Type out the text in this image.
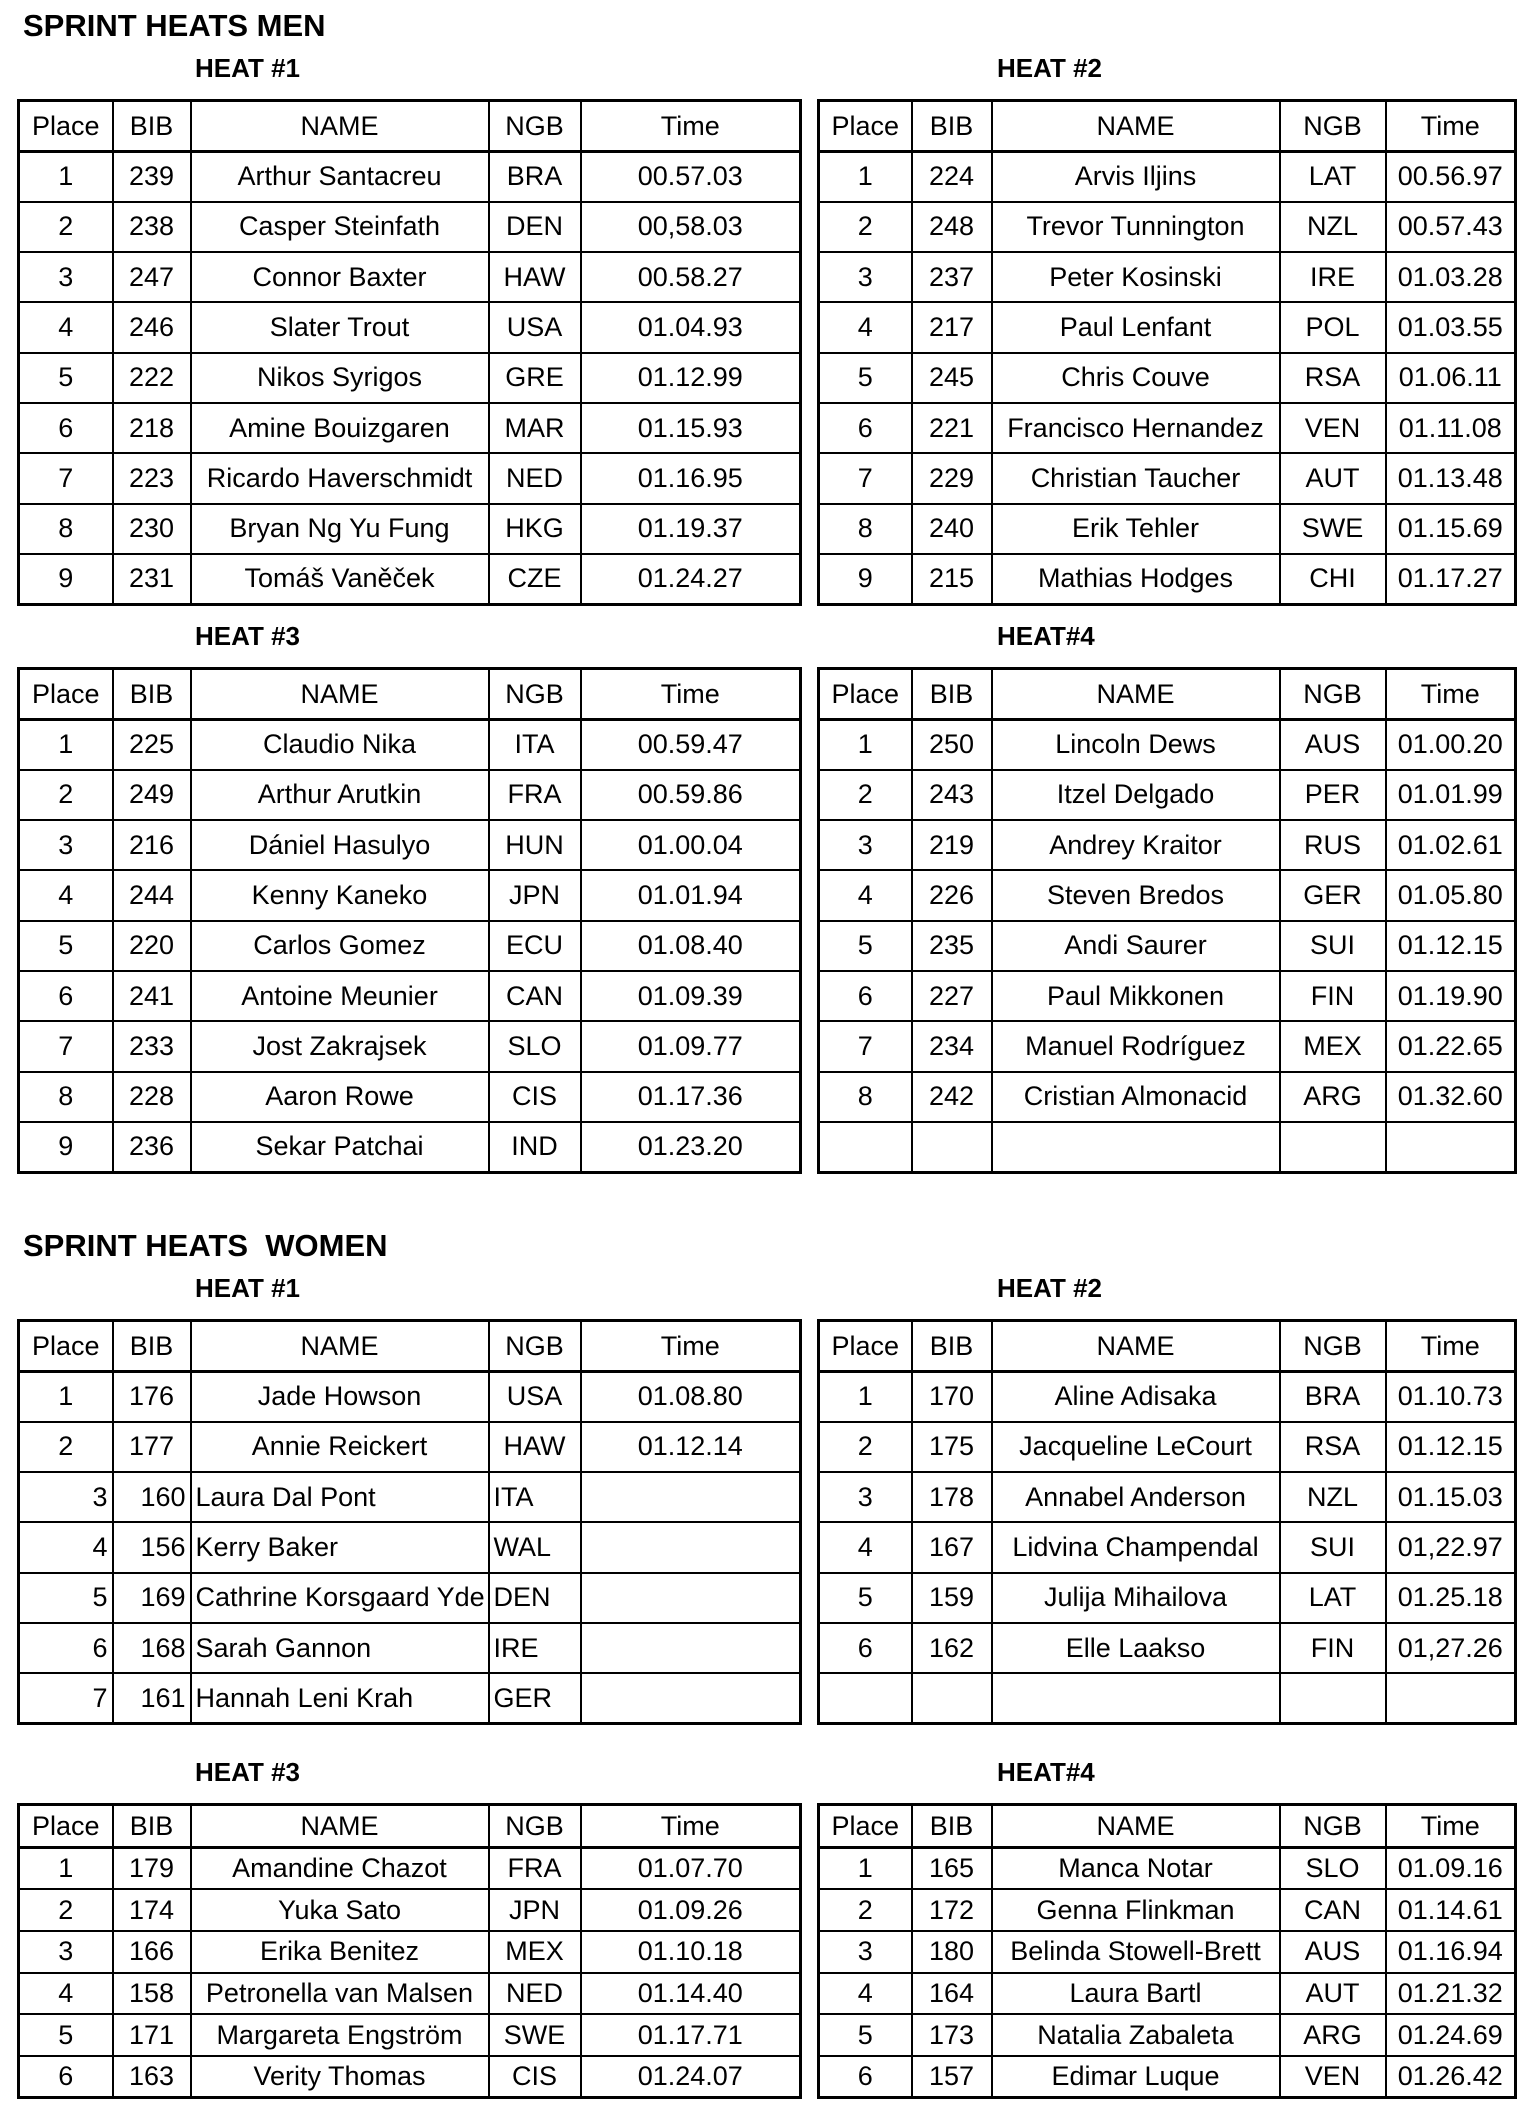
SPRINT HEATS MEN
HEAT #1
Place	BIB	NAME	NGB	Time
1	239	Arthur Santacreu	BRA	00.57.03
2	238	Casper Steinfath	DEN	00,58.03
3	247	Connor Baxter	HAW	00.58.27
4	246	Slater Trout	USA	01.04.93
5	222	Nikos Syrigos	GRE	01.12.99
6	218	Amine Bouizgaren	MAR	01.15.93
7	223	Ricardo Haverschmidt	NED	01.16.95
8	230	Bryan Ng Yu Fung	HKG	01.19.37
9	231	Tomáš Vaněček	CZE	01.24.27
HEAT #2
Place	BIB	NAME	NGB	Time
1	224	Arvis Iljins	LAT	00.56.97
2	248	Trevor Tunnington	NZL	00.57.43
3	237	Peter Kosinski	IRE	01.03.28
4	217	Paul Lenfant	POL	01.03.55
5	245	Chris Couve	RSA	01.06.11
6	221	Francisco Hernandez	VEN	01.11.08
7	229	Christian Taucher	AUT	01.13.48
8	240	Erik Tehler	SWE	01.15.69
9	215	Mathias Hodges	CHI	01.17.27
HEAT #3
Place	BIB	NAME	NGB	Time
1	225	Claudio Nika	ITA	00.59.47
2	249	Arthur Arutkin	FRA	00.59.86
3	216	Dániel Hasulyo	HUN	01.00.04
4	244	Kenny Kaneko	JPN	01.01.94
5	220	Carlos Gomez	ECU	01.08.40
6	241	Antoine Meunier	CAN	01.09.39
7	233	Jost Zakrajsek	SLO	01.09.77
8	228	Aaron Rowe	CIS	01.17.36
9	236	Sekar Patchai	IND	01.23.20
HEAT#4
Place	BIB	NAME	NGB	Time
1	250	Lincoln Dews	AUS	01.00.20
2	243	Itzel Delgado	PER	01.01.99
3	219	Andrey Kraitor	RUS	01.02.61
4	226	Steven Bredos	GER	01.05.80
5	235	Andi Saurer	SUI	01.12.15
6	227	Paul Mikkonen	FIN	01.19.90
7	234	Manuel Rodríguez	MEX	01.22.65
8	242	Cristian Almonacid	ARG	01.32.60

SPRINT HEATS  WOMEN
HEAT #1
Place	BIB	NAME	NGB	Time
1	176	Jade Howson	USA	01.08.80
2	177	Annie Reickert	HAW	01.12.14
3	160	Laura Dal Pont	ITA	
4	156	Kerry Baker	WAL	
5	169	Cathrine Korsgaard Yde	DEN	
6	168	Sarah Gannon	IRE	
7	161	Hannah Leni Krah	GER	
HEAT #2
Place	BIB	NAME	NGB	Time
1	170	Aline Adisaka	BRA	01.10.73
2	175	Jacqueline LeCourt	RSA	01.12.15
3	178	Annabel Anderson	NZL	01.15.03
4	167	Lidvina Champendal	SUI	01,22.97
5	159	Julija Mihailova	LAT	01.25.18
6	162	Elle Laakso	FIN	01,27.26

HEAT #3
Place	BIB	NAME	NGB	Time
1	179	Amandine Chazot	FRA	01.07.70
2	174	Yuka Sato	JPN	01.09.26
3	166	Erika Benitez	MEX	01.10.18
4	158	Petronella van Malsen	NED	01.14.40
5	171	Margareta Engström	SWE	01.17.71
6	163	Verity Thomas	CIS	01.24.07
HEAT#4
Place	BIB	NAME	NGB	Time
1	165	Manca Notar	SLO	01.09.16
2	172	Genna Flinkman	CAN	01.14.61
3	180	Belinda Stowell-Brett	AUS	01.16.94
4	164	Laura Bartl	AUT	01.21.32
5	173	Natalia Zabaleta	ARG	01.24.69
6	157	Edimar Luque	VEN	01.26.42
